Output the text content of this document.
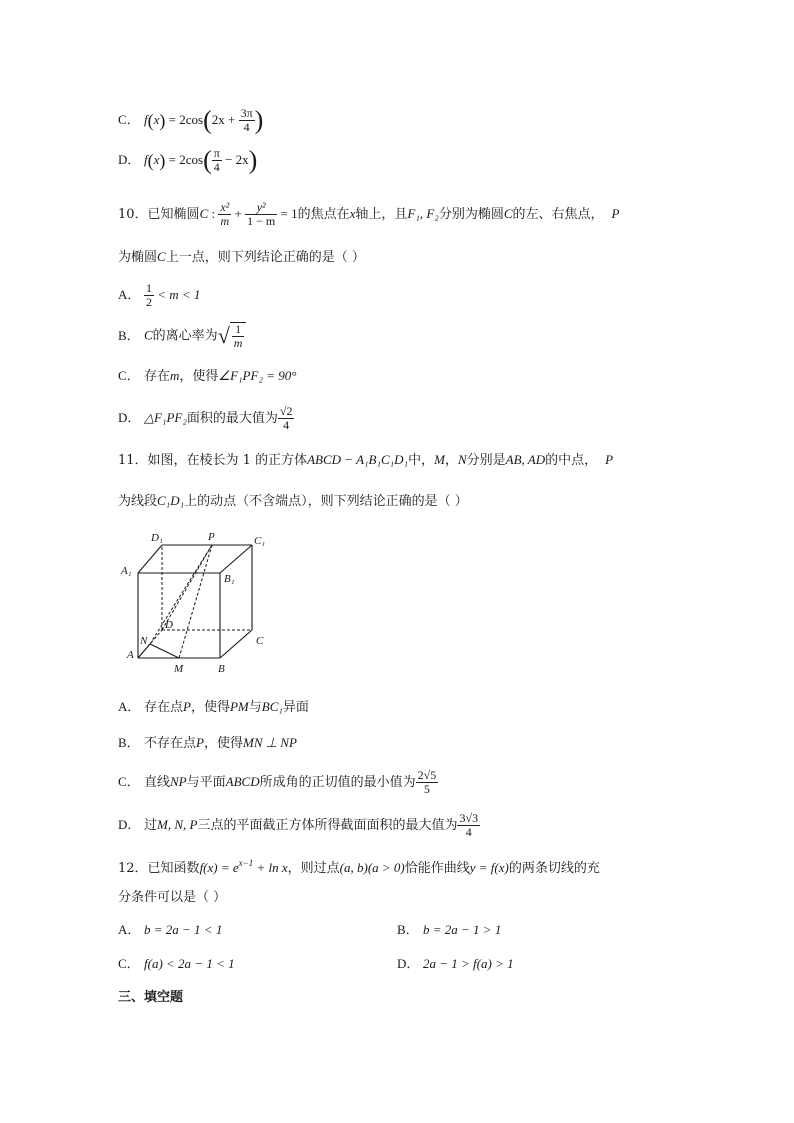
C． $f(x) = 2\cos(2x + \frac{3\pi}{4}$ )
D． $f(x) = 2\cos( \frac{\pi}{4} - 2x)$
10．已知椭圆C : $\frac{\text{x²}}{m} + \frac{\text{y²}}{1 - m} = 1$的焦点在x轴上，且F₁, F₂分别为椭圆C的左、右焦点， P
为椭圆C上一点，则下列结论正确的是（ ）
A． $\frac{1}{2} < m < 1$
B． C的离心率为√ $\frac{1}{m}$
C． 存在m，使得∠F₁PF₂ = 90°
D． △F₁PF₂面积的最大值为 $\frac{√2}{4}$
11．如图，在棱长为 1 的正方体ABCD − A₁B₁C₁D₁中，M，N分别是AB, AD的中点， P
为线段C₁D₁上的动点（不含端点），则下列结论正确的是（ ）
D₁	P	C₁
A₁
B₁
D
C
N
A
M	B
A． 存在点P，使得PM与BC₁异面
B． 不存在点P，使得MN ⊥ NP
C． 直线NP与平面ABCD所成角的正切值的最小值为 $\frac{2√5}{5}$
D． 过M, N, P三点的平面截正方体所得截面面积的最大值为 $\frac{3√3}{4}$
12．已知函数$f(x) = e^{x-1} + \ln x$，则过点(a, b)(a > 0)恰能作曲线y = f(x)的两条切线的充
分条件可以是（ ）
A． b = 2a − 1 < 1	B． b = 2a − 1 > 1
C． f(a) < 2a − 1 < 1	D． 2a − 1 > f(a) > 1
三、填空题
